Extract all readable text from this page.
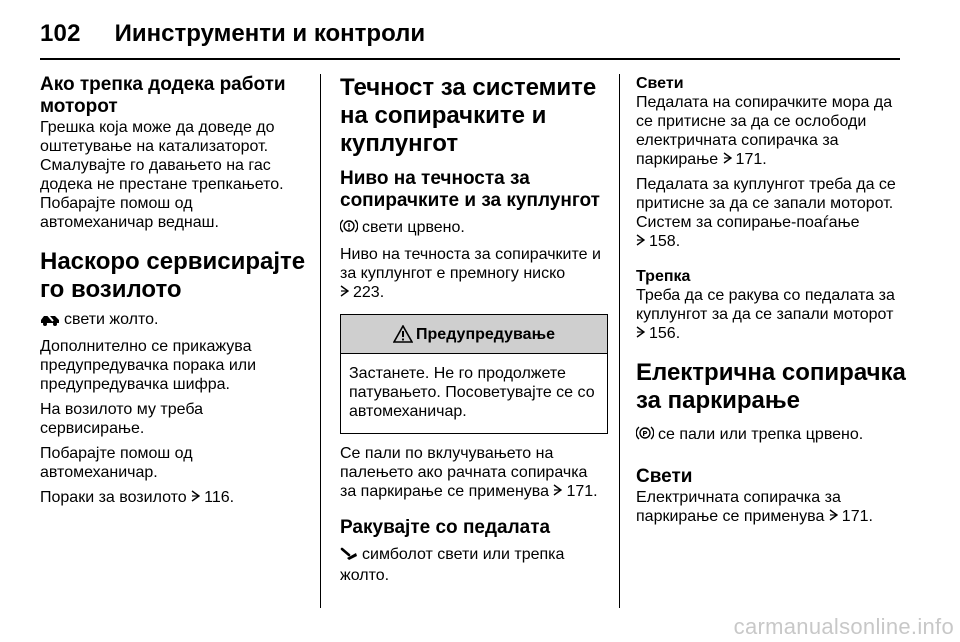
102 Иинструменти и контроли
Ако трепка додека работи моторот

Грешка која може да доведе до оштетување на катализаторот. Смалувајте го давањето на гас додека не престане трепкањето. Побарајте помош од автомеханичар веднаш.

Наскоро сервисирајте го возилото

свети жолто.

Дополнително се прикажува предупредувачка порака или предупредувачка шифра.

На возилото му треба сервисирање.

Побарајте помош од автомеханичар.

Пораки за возилото 116.

Течност за системите на сопирачките и куплунгот
Ниво на течноста за сопирачките и за куплунгот

свети црвено.

Ниво на течноста за сопирачките и за куплунгот е премногу ниско

223.

Предупредување
Застанете. Не го продолжете патувањето. Посоветувајте се со автомеханичар.

Се пали по вклучувањето на палењето ако рачната сопирачка за паркирање се применува 171.

Ракувајте со педалата

симболот свети или трепка жолто.

Свети

Педалата на сопирачките мора да се притисне за да се ослободи електричната сопирачка за паркирање 171.

Педалата за куплунгот треба да се притисне за да се запали моторот. Систем за сопирање-поаѓање

158.

Трепка

Треба да се ракува со педалата за куплунгот за да се запали моторот

156.

Електрична сопирачка за паркирање

P се пали или трепка црвено.

Свети

Електричната сопирачка за паркирање се применува 171.

carmanualsonline.info
